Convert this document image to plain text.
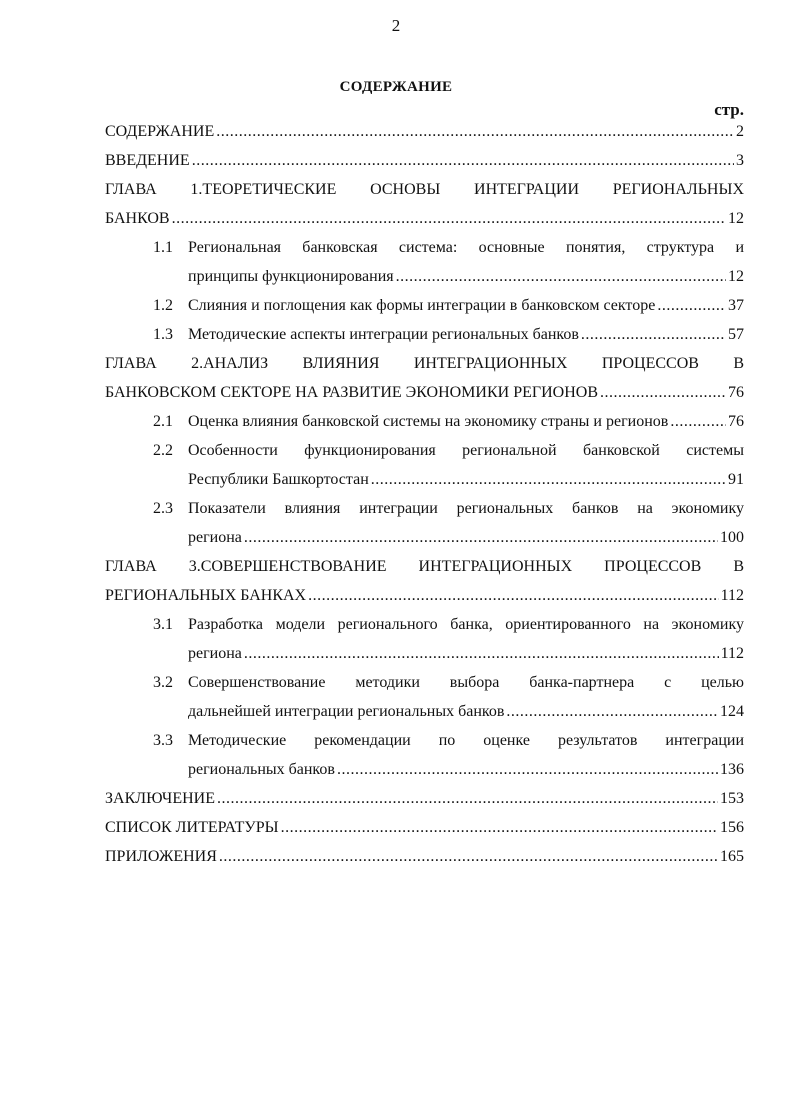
2
СОДЕРЖАНИЕ
стр.
СОДЕРЖАНИЕ .....	2
ВВЕДЕНИЕ .....	3
ГЛАВА 1.ТЕОРЕТИЧЕСКИЕ ОСНОВЫ ИНТЕГРАЦИИ РЕГИОНАЛЬНЫХ
БАНКОВ .....	12
1.1 Региональная банковская система: основные понятия, структура и
принципы функционирования .....	12
1.2 Слияния и поглощения как формы интеграции в банковском секторе .....	37
1.3 Методические аспекты интеграции региональных банков .....	57
ГЛАВА 2.АНАЛИЗ ВЛИЯНИЯ ИНТЕГРАЦИОННЫХ ПРОЦЕССОВ В
БАНКОВСКОМ СЕКТОРЕ НА РАЗВИТИЕ ЭКОНОМИКИ РЕГИОНОВ .....	76
2.1 Оценка влияния банковской системы на экономику страны и регионов .....	76
2.2 Особенности функционирования региональной банковской системы
Республики Башкортостан .....	91
2.3 Показатели влияния интеграции региональных банков на экономику
региона .....	100
ГЛАВА 3.СОВЕРШЕНСТВОВАНИЕ ИНТЕГРАЦИОННЫХ ПРОЦЕССОВ В
РЕГИОНАЛЬНЫХ БАНКАХ .....	112
3.1 Разработка модели регионального банка, ориентированного на экономику
региона .....	112
3.2 Совершенствование методики выбора банка-партнера с целью
дальнейшей интеграции региональных банков .....	124
3.3 Методические рекомендации по оценке результатов интеграции
региональных банков .....	136
ЗАКЛЮЧЕНИЕ .....	153
СПИСОК ЛИТЕРАТУРЫ .....	156
ПРИЛОЖЕНИЯ .....	165
